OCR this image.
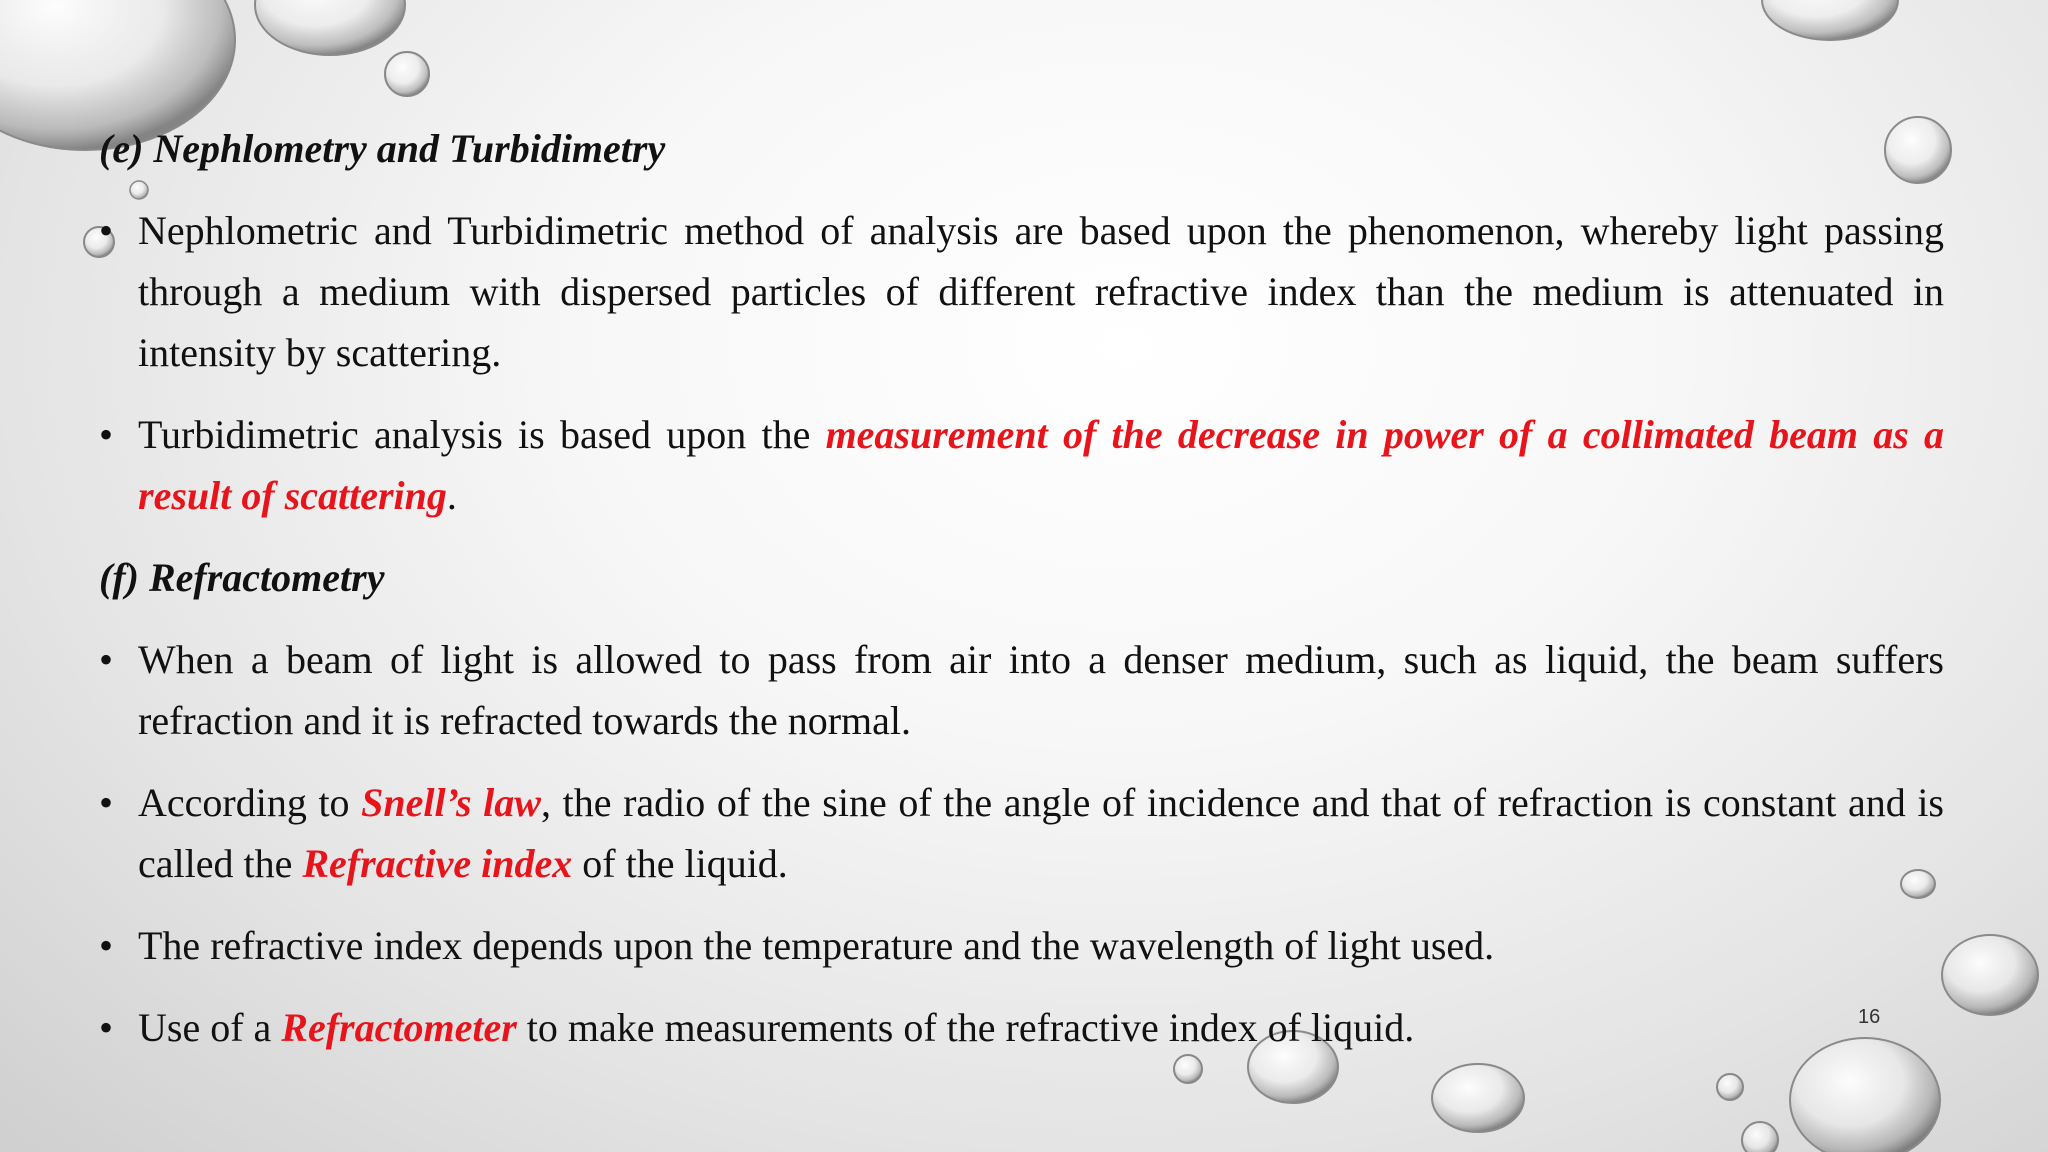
(e) Nephlometry and Turbidimetry
• Nephlometric and Turbidimetric method of analysis are based upon the phenomenon, whereby light passing through a medium with dispersed particles of different refractive index than the medium is attenuated in intensity by scattering.
• Turbidimetric analysis is based upon the measurement of the decrease in power of a collimated beam as a result of scattering.
(f) Refractometry
• When a beam of light is allowed to pass from air into a denser medium, such as liquid, the beam suffers refraction and it is refracted towards the normal.
• According to Snell’s law, the radio of the sine of the angle of incidence and that of refraction is constant and is called the Refractive index of the liquid.
• The refractive index depends upon the temperature and the wavelength of light used.
• Use of a Refractometer to make measurements of the refractive index of liquid.	16
